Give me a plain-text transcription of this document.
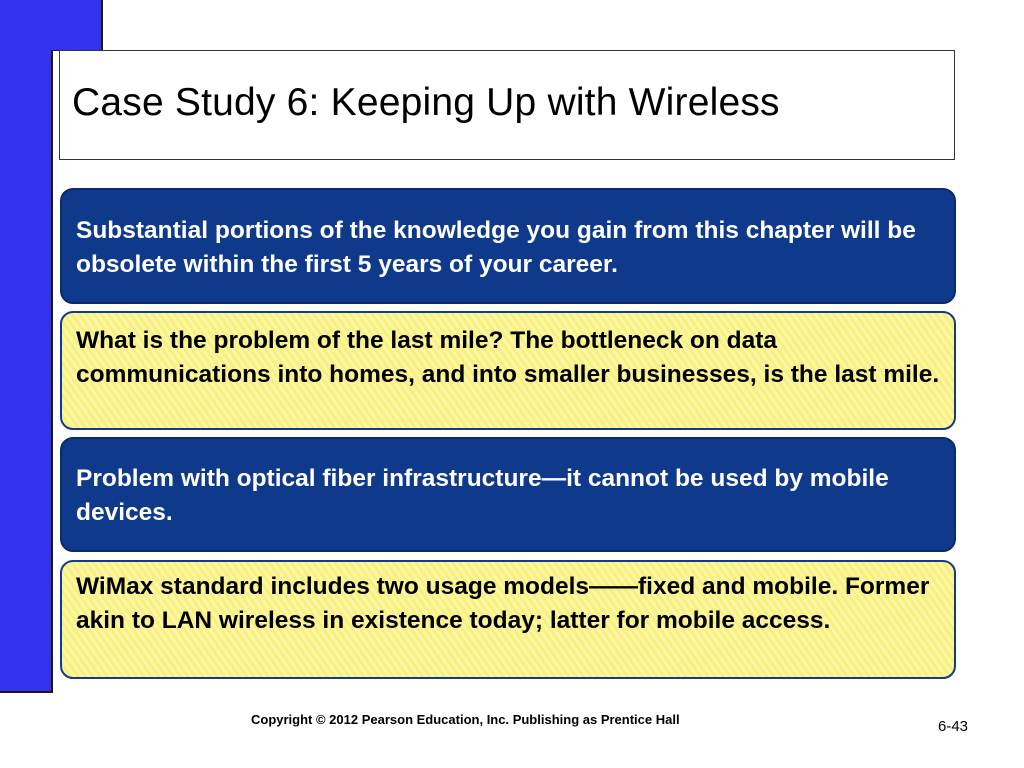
Case Study 6: Keeping Up with Wireless
Substantial portions of the knowledge you gain from this chapter will be obsolete within the first 5 years of your career.
What is the problem of the last mile? The bottleneck on data communications into homes, and into smaller businesses, is the last mile.
Problem with optical fiber infrastructure—it cannot be used by mobile devices.
WiMax standard includes two usage models——fixed and mobile. Former akin to LAN wireless in existence today; latter for mobile access.
Copyright © 2012 Pearson Education, Inc. Publishing as Prentice Hall	6-43
